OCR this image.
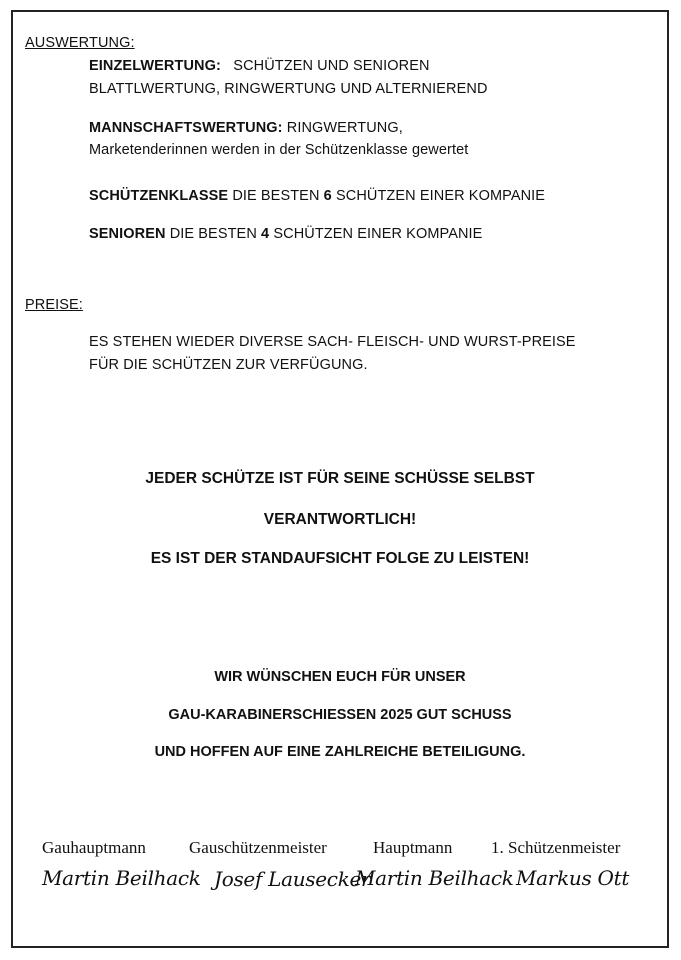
AUSWERTUNG:
EINZELWERTUNG: SCHÜTZEN UND SENIOREN
BLATTLWERTUNG, RINGWERTUNG UND ALTERNIEREND
MANNSCHAFTSWERTUNG: RINGWERTUNG,
Marketenderinnen werden in der Schützenklasse gewertet
SCHÜTZENKLASSE DIE BESTEN 6 SCHÜTZEN EINER KOMPANIE
SENIOREN DIE BESTEN 4 SCHÜTZEN EINER KOMPANIE
PREISE:
ES STEHEN WIEDER DIVERSE SACH- FLEISCH- UND WURST-PREISE
FÜR DIE SCHÜTZEN ZUR VERFÜGUNG.
JEDER SCHÜTZE IST FÜR SEINE SCHÜSSE SELBST
VERANTWORTLICH!
ES IST DER STANDAUFSICHT FOLGE ZU LEISTEN!
WIR WÜNSCHEN EUCH FÜR UNSER
GAU-KARABINERSCHIESSEN 2025 GUT SCHUSS
UND HOFFEN AUF EINE ZAHLREICHE BETEILIGUNG.
Gauhauptmann	Gauschützenmeister	Hauptmann 1. Schützenmeister
Martin Beilhack Josef Lausecker
Martin Beilhack Markus Ott
